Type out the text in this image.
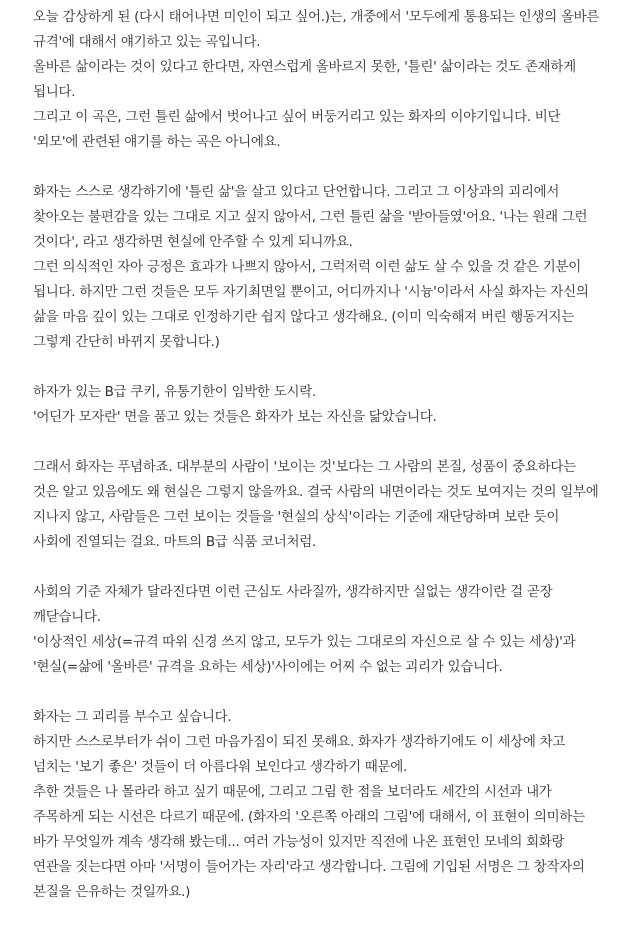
오늘 감상하게 된 (다시 태어나면 미인이 되고 싶어.)는, 개중에서 '모두에게 통용되는 인생의 올바른 규격'에 대해서 얘기하고 있는 곡입니다.

올바른 삶이라는 것이 있다고 한다면, 자연스럽게 올바르지 못한, '틀린' 삶이라는 것도 존재하게 됩니다.

그리고 이 곡은, 그런 틀린 삶에서 벗어나고 싶어 버둥거리고 있는 화자의 이야기입니다. 비단 '외모'에 관련된 얘기를 하는 곡은 아니에요.

화자는 스스로 생각하기에 '틀린 삶'을 살고 있다고 단언합니다. 그리고 그 이상과의 괴리에서 찾아오는 불편감을 있는 그대로 지고 싶지 않아서, 그런 틀린 삶을 '받아들였'어요. '나는 원래 그런 것이다', 라고 생각하면 현실에 안주할 수 있게 되니까요.

그런 의식적인 자아 긍정은 효과가 나쁘지 않아서, 그럭저럭 이런 삶도 살 수 있을 것 같은 기분이 됩니다. 하지만 그런 것들은 모두 자기최면일 뿐이고, 어디까지나 '시늉'이라서 사실 화자는 자신의 삶을 마음 깊이 있는 그대로 인정하기란 쉽지 않다고 생각해요. (이미 익숙해져 버린 행동거지는 그렇게 간단히 바뀌지 못합니다.)

하자가 있는 B급 쿠키, 유통기한이 임박한 도시락.

'어딘가 모자란' 면을 품고 있는 것들은 화자가 보는 자신을 닮았습니다.

그래서 화자는 푸념하죠. 대부분의 사람이 '보이는 것'보다는 그 사람의 본질, 성품이 중요하다는 것은 알고 있음에도 왜 현실은 그렇지 않을까요. 결국 사람의 내면이라는 것도 보여지는 것의 일부에 지나지 않고, 사람들은 그런 보이는 것들을 '현실의 상식'이라는 기준에 재단당하며 보란 듯이 사회에 진열되는 걸요. 마트의 B급 식품 코너처럼.

사회의 기준 자체가 달라진다면 이런 근심도 사라질까, 생각하지만 실없는 생각이란 걸 곧장 깨닫습니다.

'이상적인 세상(=규격 따위 신경 쓰지 않고, 모두가 있는 그대로의 자신으로 살 수 있는 세상)'과 '현실(=삶에 '올바른' 규격을 요하는 세상)'사이에는 어찌 수 없는 괴리가 있습니다.

화자는 그 괴리를 부수고 싶습니다.

하지만 스스로부터가 쉬이 그런 마음가짐이 되진 못해요. 화자가 생각하기에도 이 세상에 차고 넘치는 '보기 좋은' 것들이 더 아름다워 보인다고 생각하기 때문에.

추한 것들은 나 몰라라 하고 싶기 때문에, 그리고 그림 한 점을 보더라도 세간의 시선과 내가 주목하게 되는 시선은 다르기 때문에. (화자의 '오른쪽 아래의 그림'에 대해서, 이 표현이 의미하는 바가 무엇일까 계속 생각해 봤는데... 여러 가능성이 있지만 직전에 나온 표현인 모네의 회화랑 연관을 짓는다면 아마 '서명이 들어가는 자리'라고 생각합니다. 그림에 기입된 서명은 그 창작자의 본질을 은유하는 것일까요.)
